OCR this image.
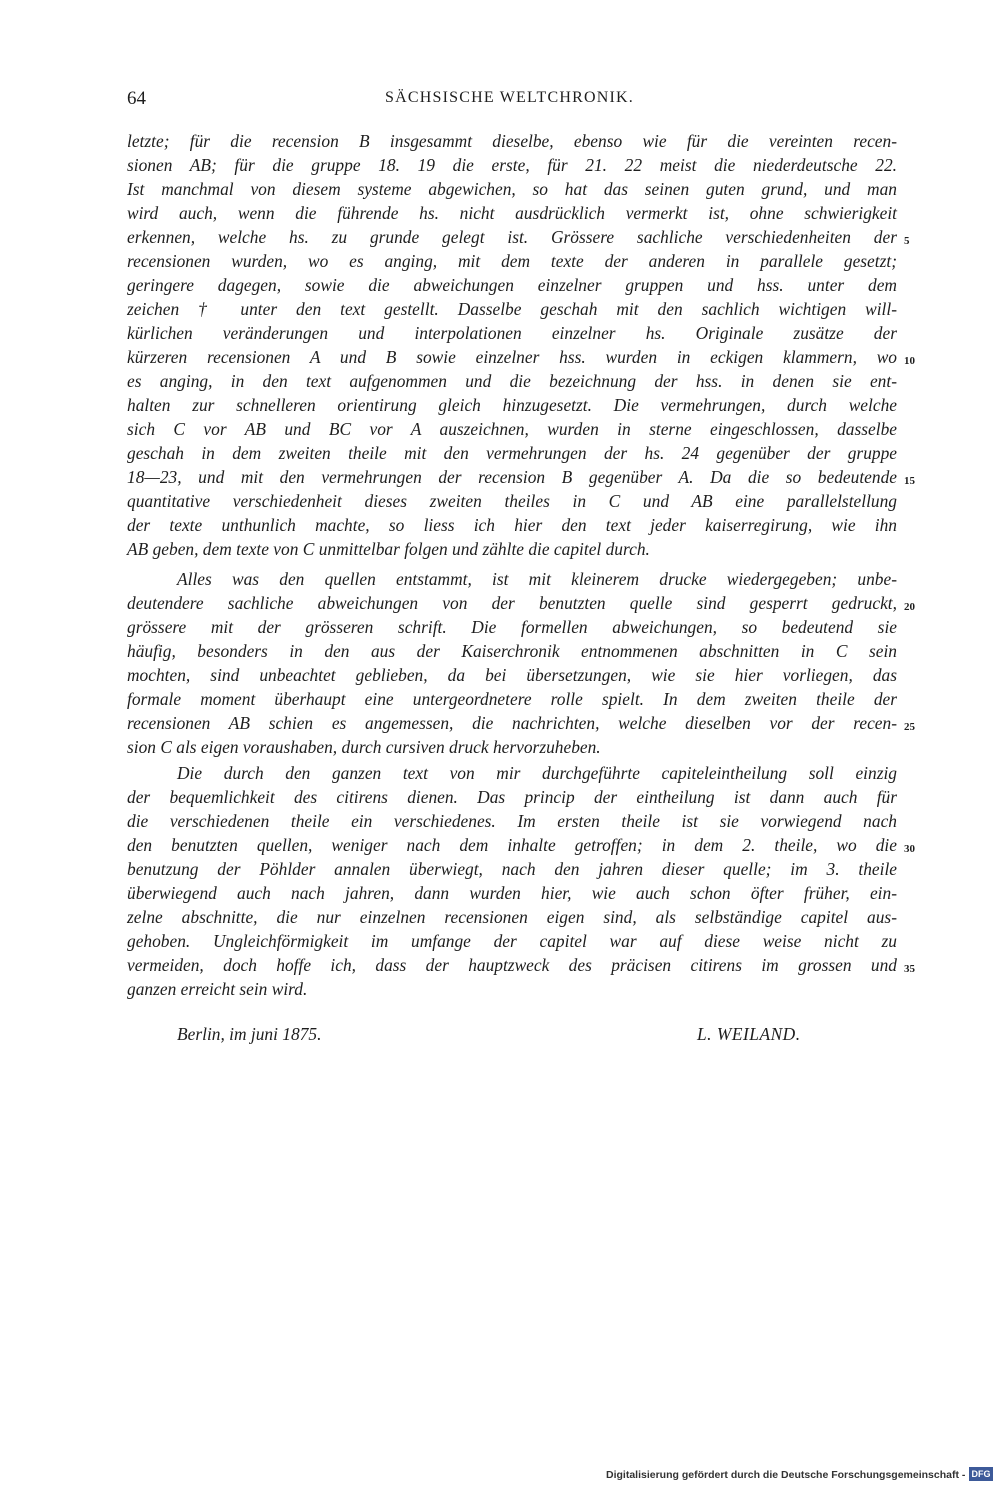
64	SÄCHSISCHE WELTCHRONIK.
letzte; für die recension B insgesammt dieselbe, ebenso wie für die vereinten recen-
sionen AB; für die gruppe 18. 19 die erste, für 21. 22 meist die niederdeutsche 22.
Ist manchmal von diesem systeme abgewichen, so hat das seinen guten grund, und man
wird auch, wenn die führende hs. nicht ausdrücklich vermerkt ist, ohne schwierigkeit
erkennen, welche hs. zu grunde gelegt ist. Grössere sachliche verschiedenheiten der
recensionen wurden, wo es anging, mit dem texte der anderen in parallele gesetzt;
geringere dagegen, sowie die abweichungen einzelner gruppen und hss. unter dem
zeichen † unter den text gestellt. Dasselbe geschah mit den sachlich wichtigen will-
kürlichen veränderungen und interpolationen einzelner hs. Originale zusätze der
kürzeren recensionen A und B sowie einzelner hss. wurden in eckigen klammern, wo
es anging, in den text aufgenommen und die bezeichnung der hss. in denen sie ent-
halten zur schnelleren orientirung gleich hinzugesetzt. Die vermehrungen, durch welche
sich C vor AB und BC vor A auszeichnen, wurden in sterne eingeschlossen, dasselbe
geschah in dem zweiten theile mit den vermehrungen der hs. 24 gegenüber der gruppe
18—23, und mit den vermehrungen der recension B gegenüber A. Da die so bedeutende
quantitative verschiedenheit dieses zweiten theiles in C und AB eine parallelstellung
der texte unthunlich machte, so liess ich hier den text jeder kaiserregirung, wie ihn
AB geben, dem texte von C unmittelbar folgen und zählte die capitel durch.
Alles was den quellen entstammt, ist mit kleinerem drucke wiedergegeben; unbe-
deutendere sachliche abweichungen von der benutzten quelle sind gesperrt gedruckt,
grössere mit der grösseren schrift. Die formellen abweichungen, so bedeutend sie
häufig, besonders in den aus der Kaiserchronik entnommenen abschnitten in C sein
mochten, sind unbeachtet geblieben, da bei übersetzungen, wie sie hier vorliegen, das
formale moment überhaupt eine untergeordnetere rolle spielt. In dem zweiten theile der
recensionen AB schien es angemessen, die nachrichten, welche dieselben vor der recen-
sion C als eigen voraushaben, durch cursiven druck hervorzuheben.
Die durch den ganzen text von mir durchgeführte capiteleintheilung soll einzig
der bequemlichkeit des citirens dienen. Das princip der eintheilung ist dann auch für
die verschiedenen theile ein verschiedenes. Im ersten theile ist sie vorwiegend nach
den benutzten quellen, weniger nach dem inhalte getroffen; in dem 2. theile, wo die
benutzung der Pöhlder annalen überwiegt, nach den jahren dieser quelle; im 3. theile
überwiegend auch nach jahren, dann wurden hier, wie auch schon öfter früher, ein-
zelne abschnitte, die nur einzelnen recensionen eigen sind, als selbständige capitel aus-
gehoben. Ungleichförmigkeit im umfange der capitel war auf diese weise nicht zu
vermeiden, doch hoffe ich, dass der hauptzweck des präcisen citirens im grossen und
ganzen erreicht sein wird.
5
10
15
20
25
30
35
Berlin, im juni 1875.	L. WEILAND.
Digitalisierung gefördert durch die Deutsche Forschungsgemeinschaft - DFG
